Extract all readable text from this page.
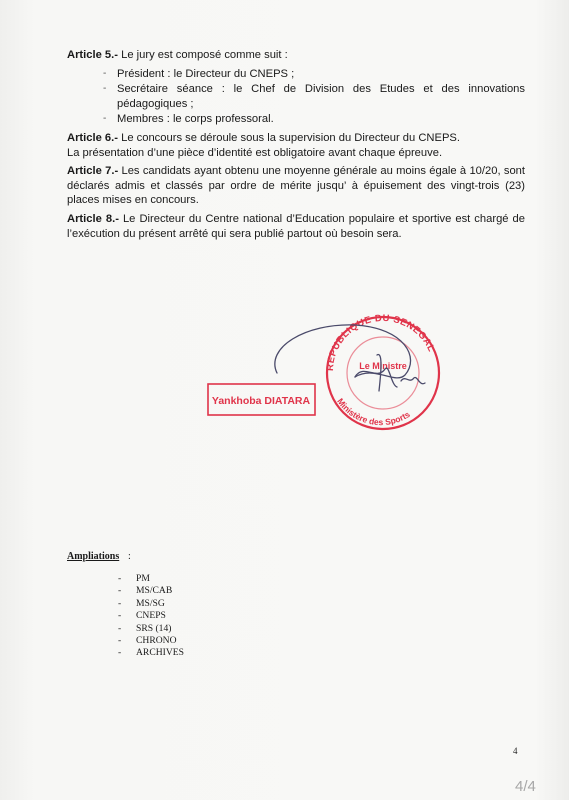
Article 5.- Le jury est composé comme suit :

- Président : le Directeur du CNEPS ;
- Secrétaire séance : le Chef de Division des Etudes et des innovations pédagogiques ;
- Membres : le corps professoral.

Article 6.- Le concours se déroule sous la supervision du Directeur du CNEPS.
La présentation d’une pièce d’identité est obligatoire avant chaque épreuve.

Article 7.- Les candidats ayant obtenu une moyenne générale au moins égale à 10/20, sont déclarés admis et classés par ordre de mérite jusqu’ à épuisement des vingt-trois (23) places mises en concours.

Article 8.- Le Directeur du Centre national d’Education populaire et sportive est chargé de l’exécution du présent arrêté qui sera publié partout où besoin sera.

REPUBLIQUE DU SENEGAL
Le Ministre
Ministère des Sports
Yankhoba DIATARA
Ampliations :
- PM
- MS/CAB
- MS/SG
- CNEPS
- SRS (14)
- CHRONO
- ARCHIVES
4
4/4
